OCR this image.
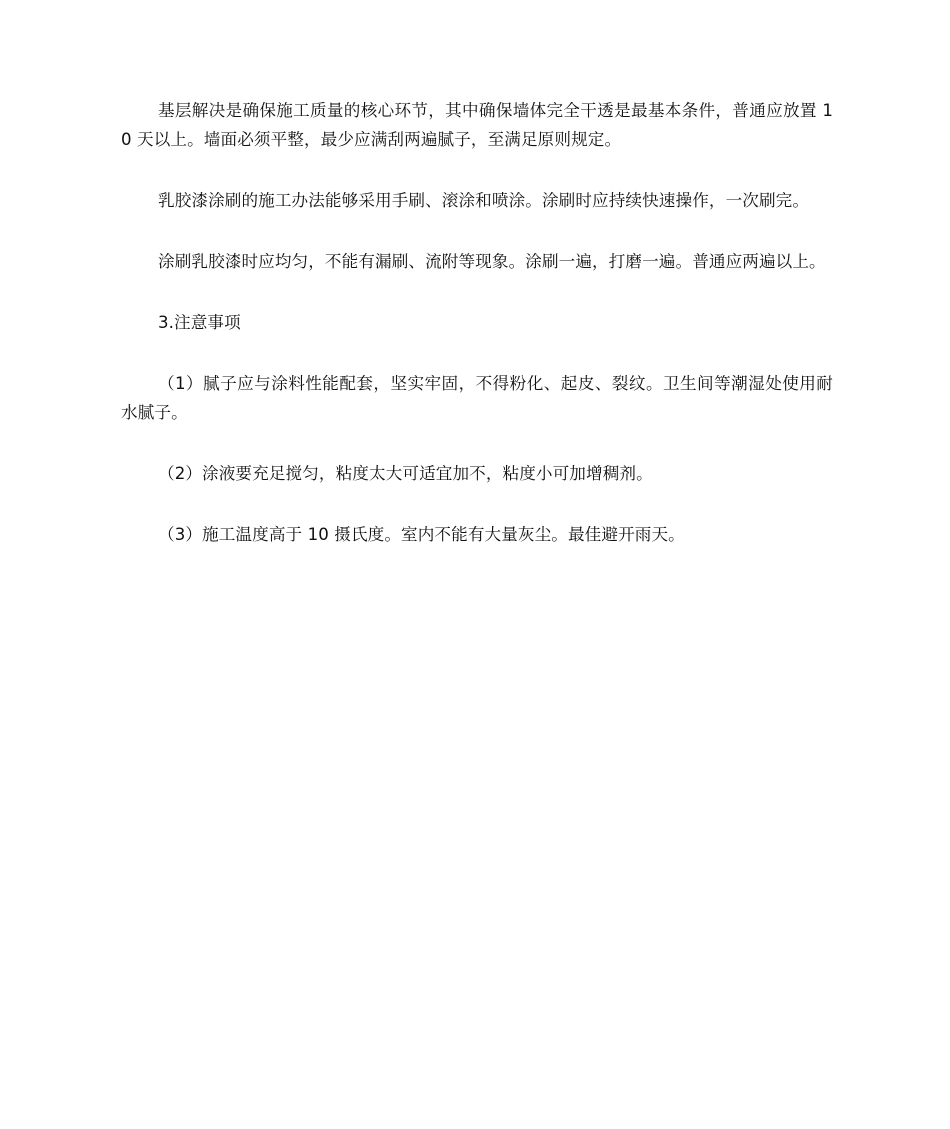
基层解决是确保施工质量的核心环节，其中确保墙体完全干透是最基本条件，普通应放置 10 天以上。墙面必须平整，最少应满刮两遍腻子，至满足原则规定。

乳胶漆涂刷的施工办法能够采用手刷、滚涂和喷涂。涂刷时应持续快速操作，一次刷完。

涂刷乳胶漆时应均匀，不能有漏刷、流附等现象。涂刷一遍，打磨一遍。普通应两遍以上。

3.注意事项

（1）腻子应与涂料性能配套，坚实牢固，不得粉化、起皮、裂纹。卫生间等潮湿处使用耐水腻子。

（2）涂液要充足搅匀，粘度太大可适宜加不，粘度小可加增稠剂。

（3）施工温度高于 10 摄氏度。室内不能有大量灰尘。最佳避开雨天。
